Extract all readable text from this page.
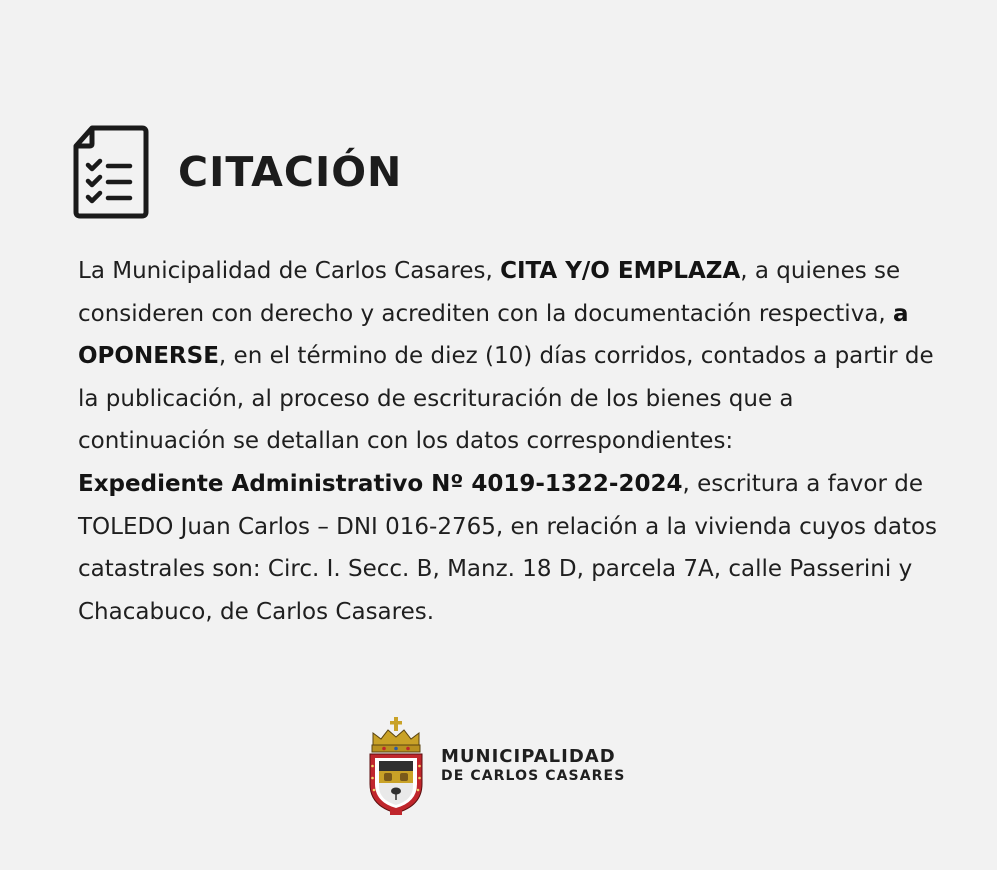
CITACIÓN

La Municipalidad de Carlos Casares, CITA Y/O EMPLAZA, a quienes se consideren con derecho y acrediten con la documentación respectiva, a OPONERSE, en el término de diez (10) días corridos, contados a partir de la publicación, al proceso de escrituración de los bienes que a continuación se detallan con los datos correspondientes:

Expediente Administrativo Nº 4019-1322-2024, escritura a favor de TOLEDO Juan Carlos – DNI 016-2765, en relación a la vivienda cuyos datos catastrales son: Circ. I. Secc. B, Manz. 18 D, parcela 7A, calle Passerini y Chacabuco, de Carlos Casares.

MUNICIPALIDAD
DE CARLOS CASARES
